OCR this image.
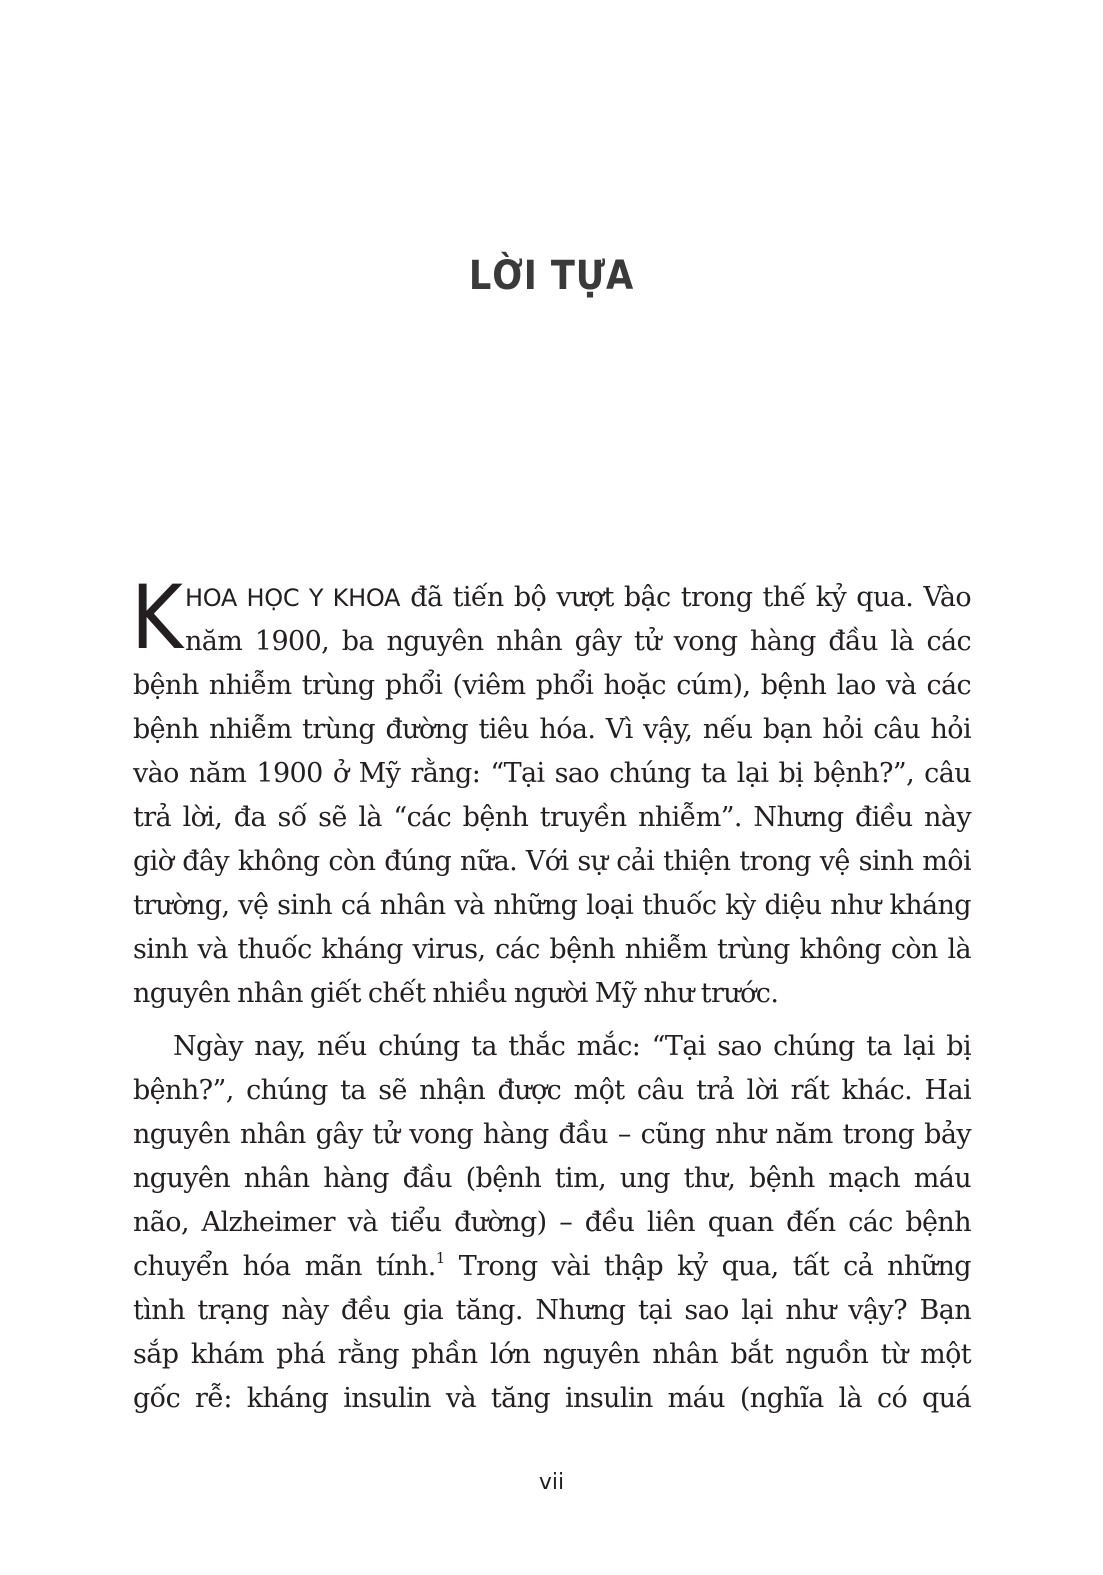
LỜI TỰA
K HOA HỌC Y KHOA đã tiến bộ vượt bậc trong thế kỷ qua. Vào
năm 1900, ba nguyên nhân gây tử vong hàng đầu là các
bệnh nhiễm trùng phổi (viêm phổi hoặc cúm), bệnh lao và các
bệnh nhiễm trùng đường tiêu hóa. Vì vậy, nếu bạn hỏi câu hỏi
vào năm 1900 ở Mỹ rằng: “Tại sao chúng ta lại bị bệnh?”, câu
trả lời, đa số sẽ là “các bệnh truyền nhiễm”. Nhưng điều này
giờ đây không còn đúng nữa. Với sự cải thiện trong vệ sinh môi
trường, vệ sinh cá nhân và những loại thuốc kỳ diệu như kháng
sinh và thuốc kháng virus, các bệnh nhiễm trùng không còn là
nguyên nhân giết chết nhiều người Mỹ như trước.
Ngày nay, nếu chúng ta thắc mắc: “Tại sao chúng ta lại bị
bệnh?”, chúng ta sẽ nhận được một câu trả lời rất khác. Hai
nguyên nhân gây tử vong hàng đầu – cũng như năm trong bảy
nguyên nhân hàng đầu (bệnh tim, ung thư, bệnh mạch máu
não, Alzheimer và tiểu đường) – đều liên quan đến các bệnh
chuyển hóa mãn tính.$^1$ Trong vài thập kỷ qua, tất cả những
tình trạng này đều gia tăng. Nhưng tại sao lại như vậy? Bạn
sắp khám phá rằng phần lớn nguyên nhân bắt nguồn từ một
gốc rễ: kháng insulin và tăng insulin máu (nghĩa là có quá
vii
